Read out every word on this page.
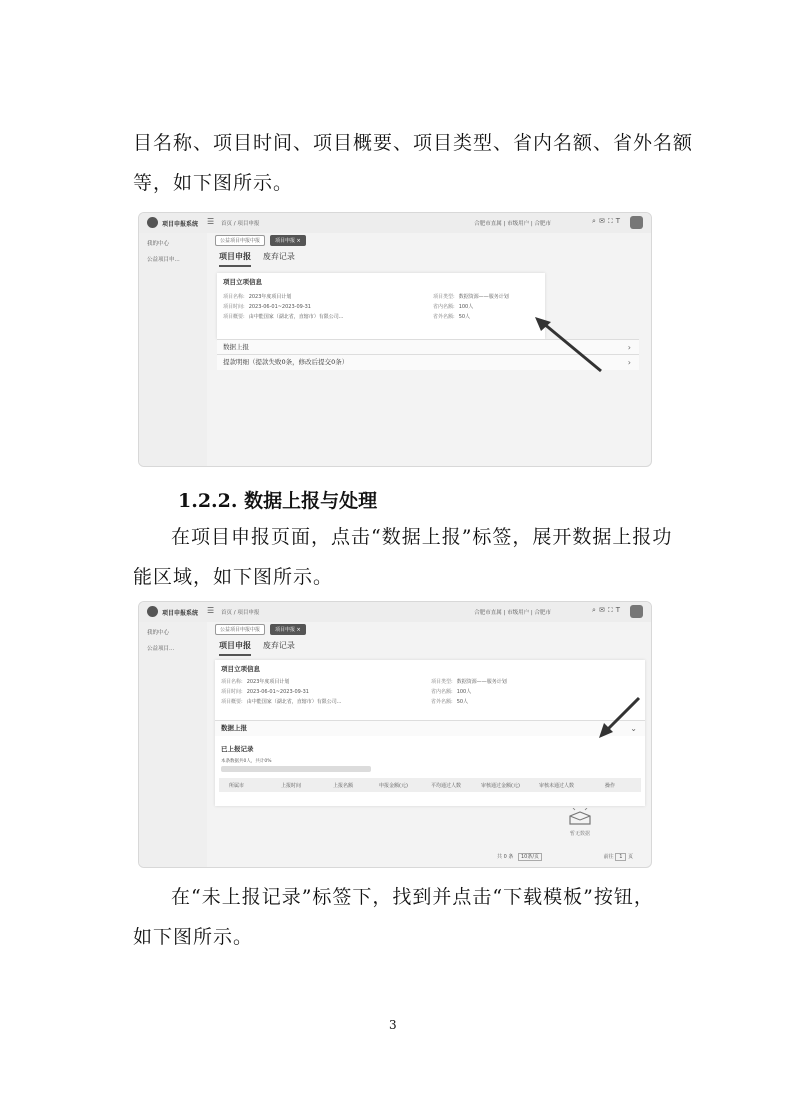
目名称、项目时间、项目概要、项目类型、省内名额、省外名额
等，如下图所示。
项目申报系统 ☰ 首页 / 项目申报	合肥市直属 | 市级用户 | 合肥市	⌕✉⛶T
我的中心
公益项目申...
公益项目申报中报	项目申报 ×
项目申报 废弃记录
项目立项信息
项目名称: 2023年度项目计划	项目类型: 数据资源——服务计划
项目时间: 2023-06-01~2023-09-31	省内名额: 100人
项目概要: 由中能国家（湖北省，直辖市）有限公司...	省外名额: 50人
数据上报	›
提款明细（提款失败0条，修改后提交0条）	›
1.2.2. 数据上报与处理
在项目申报页面，点击“数据上报”标签，展开数据上报功
能区域，如下图所示。
项目申报系统 ☰ 首页 / 项目申报	合肥市直属 | 市级用户 | 合肥市	⌕✉⛶T
我的中心
公益项目...
公益项目申报中报	项目申报 ×
项目申报 废弃记录
项目立项信息
项目名称: 2023年度项目计划	项目类型: 数据资源——服务计划
项目时间: 2023-06-01~2023-09-31	省内名额: 100人
项目概要: 由中能国家（湖北省，直辖市）有限公司...	省外名额: 50人
数据上报	⌄
已上报记录
本条数据共0人，共计0%
所属市	上报时间	上报名额	申报金额(元)	平均通过人数	审核通过金额(元)	审核未通过人数	操作
暂无数据
共 0 条 10条/页	前往 1 页
在“未上报记录”标签下，找到并点击“下载模板”按钮，
如下图所示。
3
